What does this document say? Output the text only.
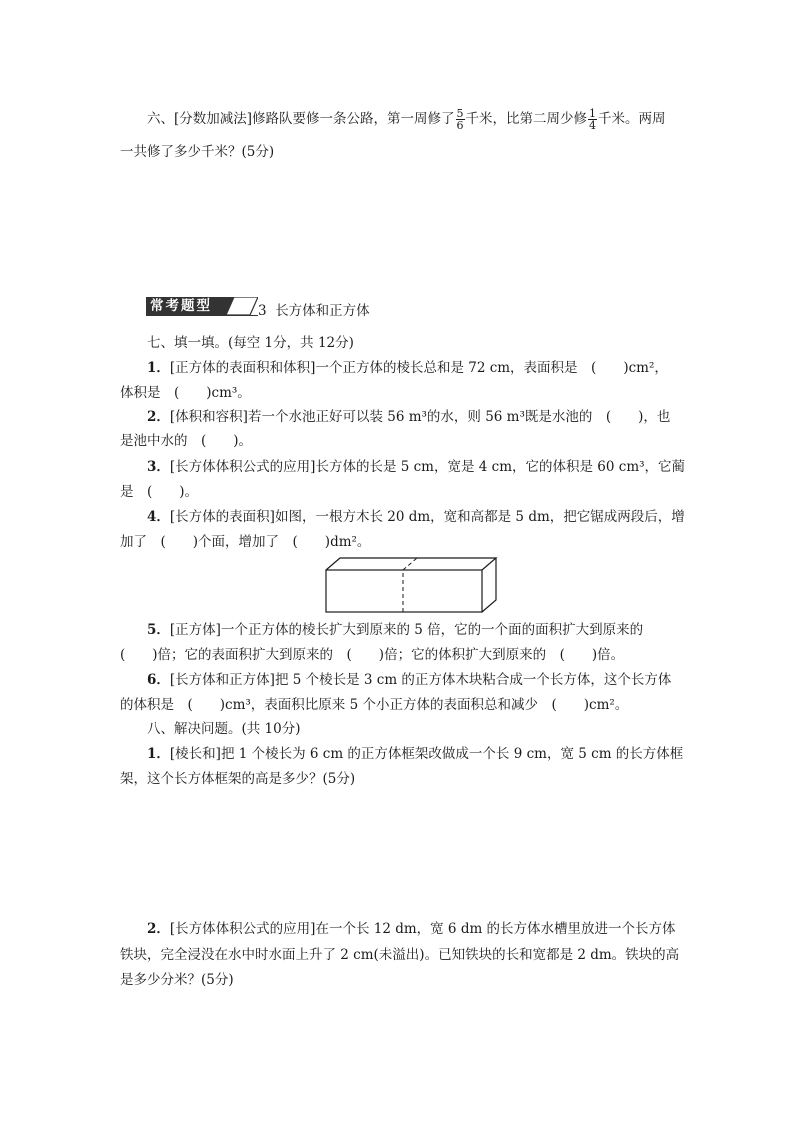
六、[分数加减法]修路队要修一条公路，第一周修了 $\frac{5}{6}$ 千米，比第二周少修 $\frac{1}{4}$ 千米。两周
一共修了多少千米？(5分)
常考题型	3 长方体和正方体
七、填一填。(每空 1分，共 12分)
1．[正方体的表面积和体积]一个正方体的棱长总和是 72 cm，表面积是　(　　)cm²，
体积是　(　　)cm³。
2．[体积和容积]若一个水池正好可以装 56 m³的水，则 56 m³既是水池的　(　　)，也
是池中水的　(　　)。
3．[长方体体积公式的应用]长方体的长是 5 cm，宽是 4 cm，它的体积是 60 cm³，它蔺
是　(　　)。
4．[长方体的表面积]如图，一根方木长 20 dm，宽和高都是 5 dm，把它锯成两段后，增
加了　(　　)个面，增加了　(　　)dm²。
5．[正方体]一个正方体的棱长扩大到原来的 5 倍，它的一个面的面积扩大到原来的
(　　)倍；它的表面积扩大到原来的　(　　)倍；它的体积扩大到原来的　(　　)倍。
6．[长方体和正方体]把 5 个棱长是 3 cm 的正方体木块粘合成一个长方体，这个长方体
的体积是　(　　)cm³，表面积比原来 5 个小正方体的表面积总和减少　(　　)cm²。
八、解决问题。(共 10分)
1．[棱长和]把 1 个棱长为 6 cm 的正方体框架改做成一个长 9 cm，宽 5 cm 的长方体框
架，这个长方体框架的高是多少？(5分)
2．[长方体体积公式的应用]在一个长 12 dm，宽 6 dm 的长方体水槽里放进一个长方体
铁块，完全浸没在水中时水面上升了 2 cm(未溢出)。已知铁块的长和宽都是 2 dm。铁块的高
是多少分米？(5分)
